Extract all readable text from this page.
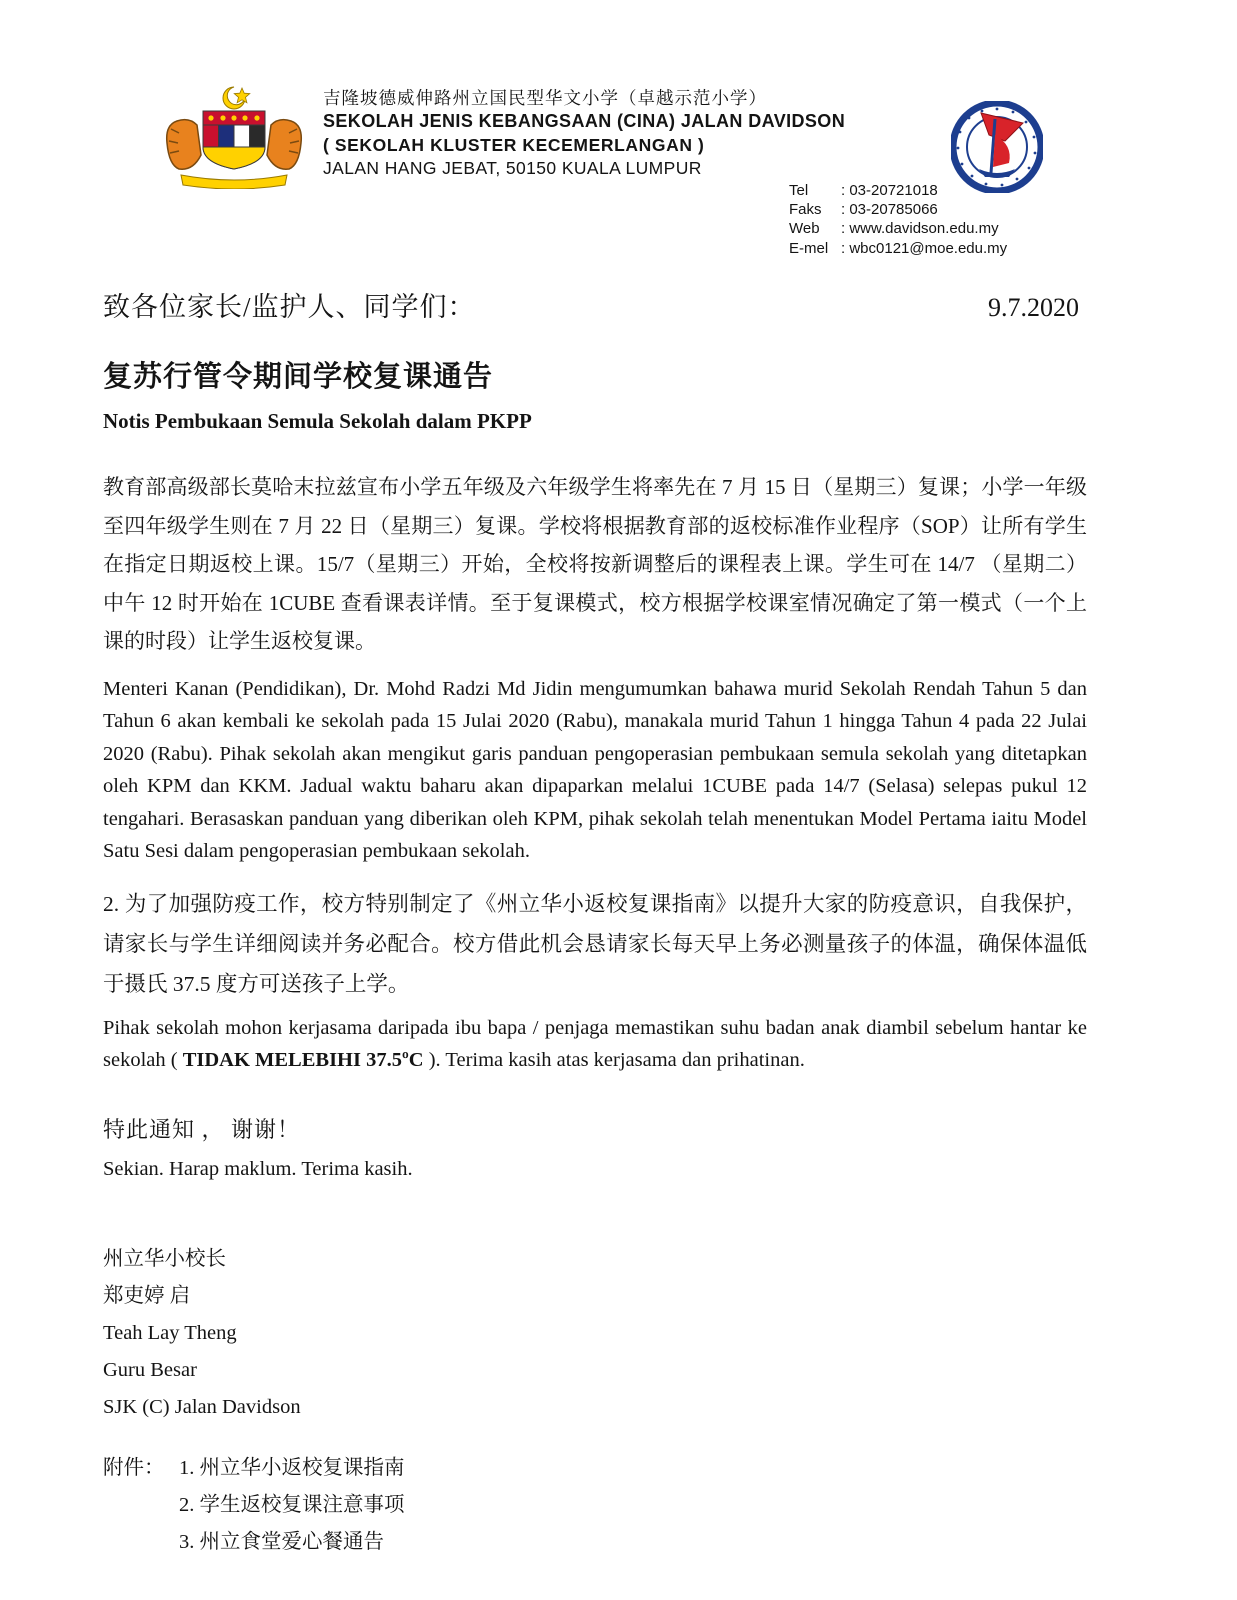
吉隆坡德威伸路州立国民型华文小学（卓越示范小学）
SEKOLAH JENIS KEBANGSAAN (CINA) JALAN DAVIDSON
( SEKOLAH KLUSTER KECEMERLANGAN )
JALAN HANG JEBAT, 50150 KUALA LUMPUR
Tel	: 03-20721018
Faks	: 03-20785066
Web	: www.davidson.edu.my
E-mel : wbc0121@moe.edu.my
致各位家长/监护人、同学们：	9.7.2020
复苏行管令期间学校复课通告
Notis Pembukaan Semula Sekolah dalam PKPP

教育部高级部长莫哈末拉兹宣布小学五年级及六年级学生将率先在 7 月 15 日（星期三）复课；小学一年级至四年级学生则在 7 月 22 日（星期三）复课。学校将根据教育部的返校标准作业程序（SOP）让所有学生在指定日期返校上课。15/7（星期三）开始，全校将按新调整后的课程表上课。学生可在 14/7 （星期二）中午 12 时开始在 1CUBE 查看课表详情。至于复课模式，校方根据学校课室情况确定了第一模式（一个上课的时段）让学生返校复课。

Menteri Kanan (Pendidikan), Dr. Mohd Radzi Md Jidin mengumumkan bahawa murid Sekolah Rendah Tahun 5 dan Tahun 6 akan kembali ke sekolah pada 15 Julai 2020 (Rabu), manakala murid Tahun 1 hingga Tahun 4 pada 22 Julai 2020 (Rabu). Pihak sekolah akan mengikut garis panduan pengoperasian pembukaan semula sekolah yang ditetapkan oleh KPM dan KKM. Jadual waktu baharu akan dipaparkan melalui 1CUBE pada 14/7 (Selasa) selepas pukul 12 tengahari. Berasaskan panduan yang diberikan oleh KPM, pihak sekolah telah menentukan Model Pertama iaitu Model Satu Sesi dalam pengoperasian pembukaan sekolah.

2. 为了加强防疫工作，校方特别制定了《州立华小返校复课指南》以提升大家的防疫意识，自我保护，请家长与学生详细阅读并务必配合。校方借此机会恳请家长每天早上务必测量孩子的体温，确保体温低于摄氏 37.5 度方可送孩子上学。

Pihak sekolah mohon kerjasama daripada ibu bapa / penjaga memastikan suhu badan anak diambil sebelum hantar ke sekolah ( TIDAK MELEBIHI 37.5ºC ). Terima kasih atas kerjasama dan prihatinan.

特此通知 ， 谢谢！
Sekian. Harap maklum. Terima kasih.
州立华小校长
郑吏婷 启
Teah Lay Theng
Guru Besar
SJK (C) Jalan Davidson
附件： 1. 州立华小返校复课指南
2. 学生返校复课注意事项
3. 州立食堂爱心餐通告
